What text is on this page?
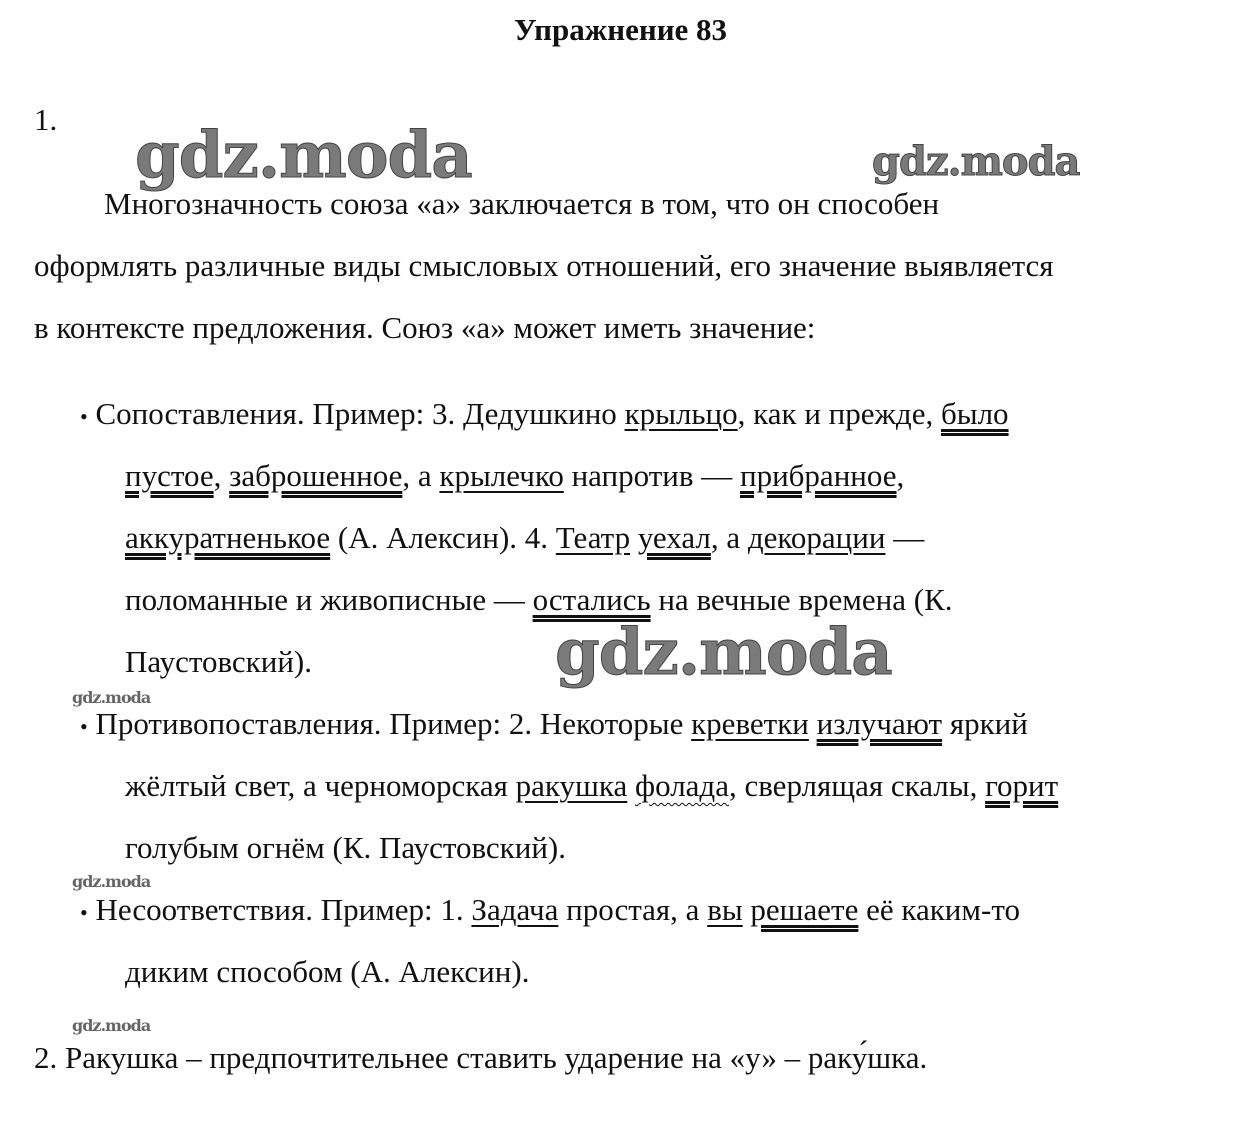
Упражнение 83
1. gdz.moda	gdz.moda
gdz.moda
gdz.moda
gdz.moda
gdz.moda
Многозначность союза «а» заключается в том, что он способен
оформлять различные виды смысловых отношений, его значение выявляется
в контексте предложения. Союз «а» может иметь значение:
• Сопоставления. Пример: 3. Дедушкино крыльцо, как и прежде, было
пустое, заброшенное, а крылечко напротив — прибранное,
аккуратненькое (А. Алексин). 4. Театр уехал, а декорации —
поломанные и живописные — остались на вечные времена (К.
Паустовский).
• Противопоставления. Пример: 2. Некоторые креветки излучают яркий
жёлтый свет, а черноморская ракушка фолада, сверлящая скалы, горит
голубым огнём (К. Паустовский).
• Несоответствия. Пример: 1. Задача простая, а вы решаете её каким-то
диким способом (А. Алексин).
2. Ракушка – предпочтительнее ставить ударение на «у» – раку́шка.
